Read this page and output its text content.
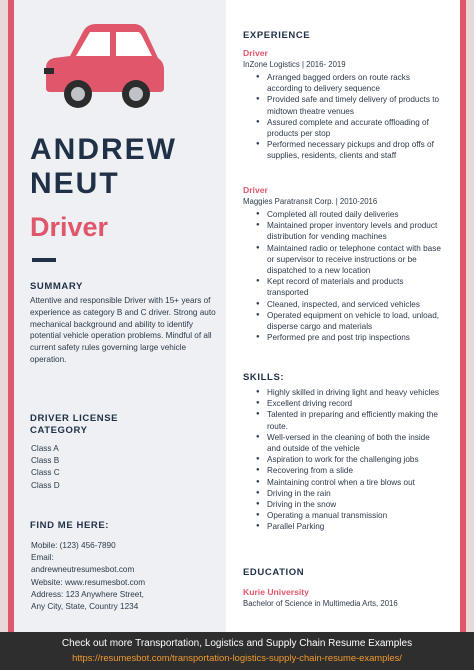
ANDREW
NEUT
Driver
SUMMARY
Attentive and responsible Driver with 15+ years of experience as category B and C driver. Strong auto mechanical background and ability to identify potential vehicle operation problems. Mindful of all current safety rules governing large vehicle operation.
DRIVER LICENSE
CATEGORY
Class A
Class B
Class C
Class D
FIND ME HERE:
Mobile: (123) 456-7890
Email:
andrewneutresumesbot.com
Website: www.resumesbot.com
Address: 123 Anywhere Street,
Any City, State, Country 1234
EXPERIENCE
Driver
InZone Logistics | 2016- 2019
● Arranged bagged orders on route racks according to delivery sequence
● Provided safe and timely delivery of products to midtown theatre venues
● Assured complete and accurate offloading of products per stop
● Performed necessary pickups and drop offs of supplies, residents, clients and staff
Driver
Maggies Paratransit Corp. | 2010-2016
● Completed all routed daily deliveries
● Maintained proper inventory levels and product distribution for vending machines
● Maintained radio or telephone contact with base or supervisor to receive instructions or be dispatched to a new location
● Kept record of materials and products transported
● Cleaned, inspected, and serviced vehicles
● Operated equipment on vehicle to load, unload, disperse cargo and materials
● Performed pre and post trip inspections
SKILLS:
● Highly skilled in driving light and heavy vehicles
● Excellent driving record
● Talented in preparing and efficiently making the route.
● Well-versed in the cleaning of both the inside and outside of the vehicle
● Aspiration to work for the challenging jobs
● Recovering from a slide
● Maintaining control when a tire blows out
● Driving in the rain
● Driving in the snow
● Operating a manual transmission
● Parallel Parking
EDUCATION
Kurie University
Bachelor of Science in Multimedia Arts, 2016
Check out more Transportation, Logistics and Supply Chain Resume Examples
https://resumesbot.com/transportation-logistics-supply-chain-resume-examples/
